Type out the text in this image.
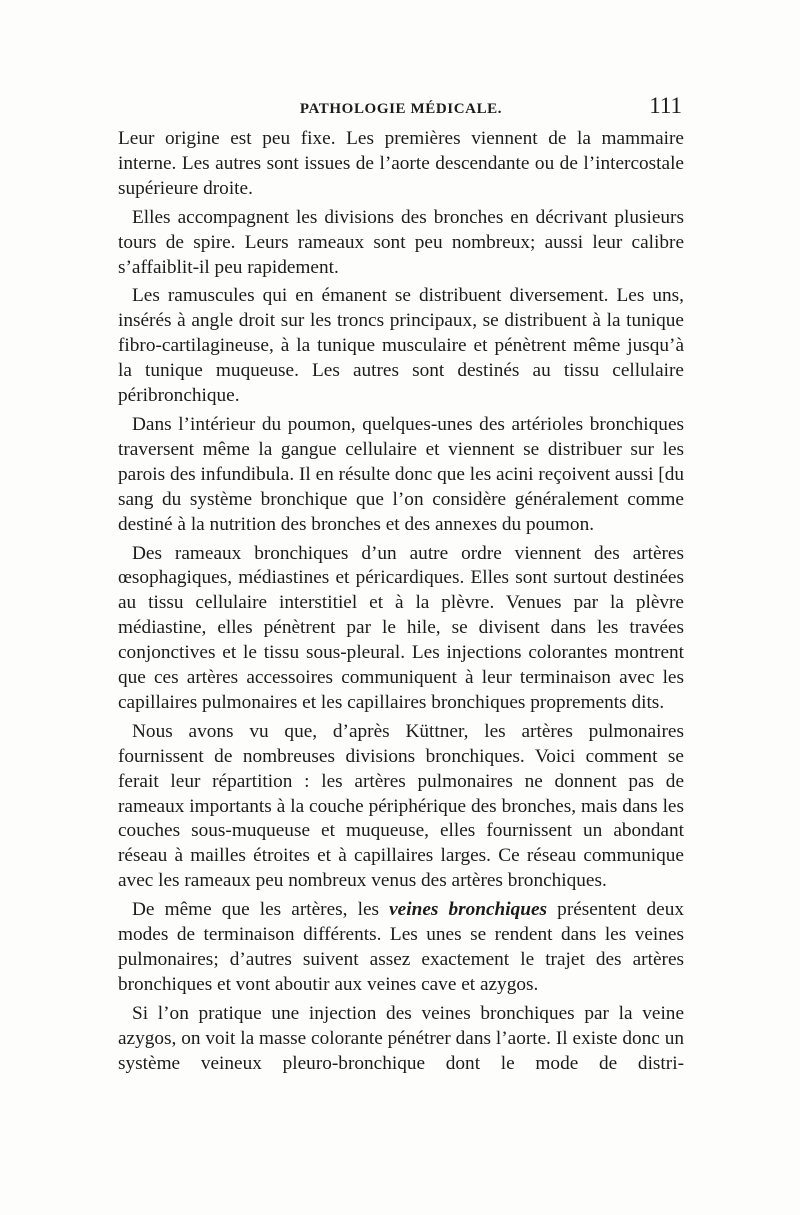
PATHOLOGIE MÉDICALE.	111

Leur origine est peu fixe. Les premières viennent de la mammaire interne. Les autres sont issues de l’aorte descendante ou de l’intercostale supérieure droite.

Elles accompagnent les divisions des bronches en décrivant plusieurs tours de spire. Leurs rameaux sont peu nombreux; aussi leur calibre s’affaiblit-il peu rapidement.

Les ramuscules qui en émanent se distribuent diversement. Les uns, insérés à angle droit sur les troncs principaux, se distribuent à la tunique fibro-cartilagineuse, à la tunique musculaire et pénètrent même jusqu’à la tunique muqueuse. Les autres sont destinés au tissu cellulaire péribronchique.

Dans l’intérieur du poumon, quelques-unes des artérioles bronchiques traversent même la gangue cellulaire et viennent se distribuer sur les parois des infundibula. Il en résulte donc que les acini reçoivent aussi [du sang du système bronchique que l’on considère généralement comme destiné à la nutrition des bronches et des annexes du poumon.

Des rameaux bronchiques d’un autre ordre viennent des artères œsophagiques, médiastines et péricardiques. Elles sont surtout destinées au tissu cellulaire interstitiel et à la plèvre. Venues par la plèvre médiastine, elles pénètrent par le hile, se divisent dans les travées conjonctives et le tissu sous-pleural. Les injections colorantes montrent que ces artères accessoires communiquent à leur terminaison avec les capillaires pulmonaires et les capillaires bronchiques proprements dits.

Nous avons vu que, d’après Küttner, les artères pulmonaires fournissent de nombreuses divisions bronchiques. Voici comment se ferait leur répartition : les artères pulmonaires ne donnent pas de rameaux importants à la couche périphérique des bronches, mais dans les couches sous-muqueuse et muqueuse, elles fournissent un abondant réseau à mailles étroites et à capillaires larges. Ce réseau communique avec les rameaux peu nombreux venus des artères bronchiques.

De même que les artères, les veines bronchiques présentent deux modes de terminaison différents. Les unes se rendent dans les veines pulmonaires; d’autres suivent assez exactement le trajet des artères bronchiques et vont aboutir aux veines cave et azygos.

Si l’on pratique une injection des veines bronchiques par la veine azygos, on voit la masse colorante pénétrer dans l’aorte. Il existe donc un système veineux pleuro-bronchique dont le mode de distri-
